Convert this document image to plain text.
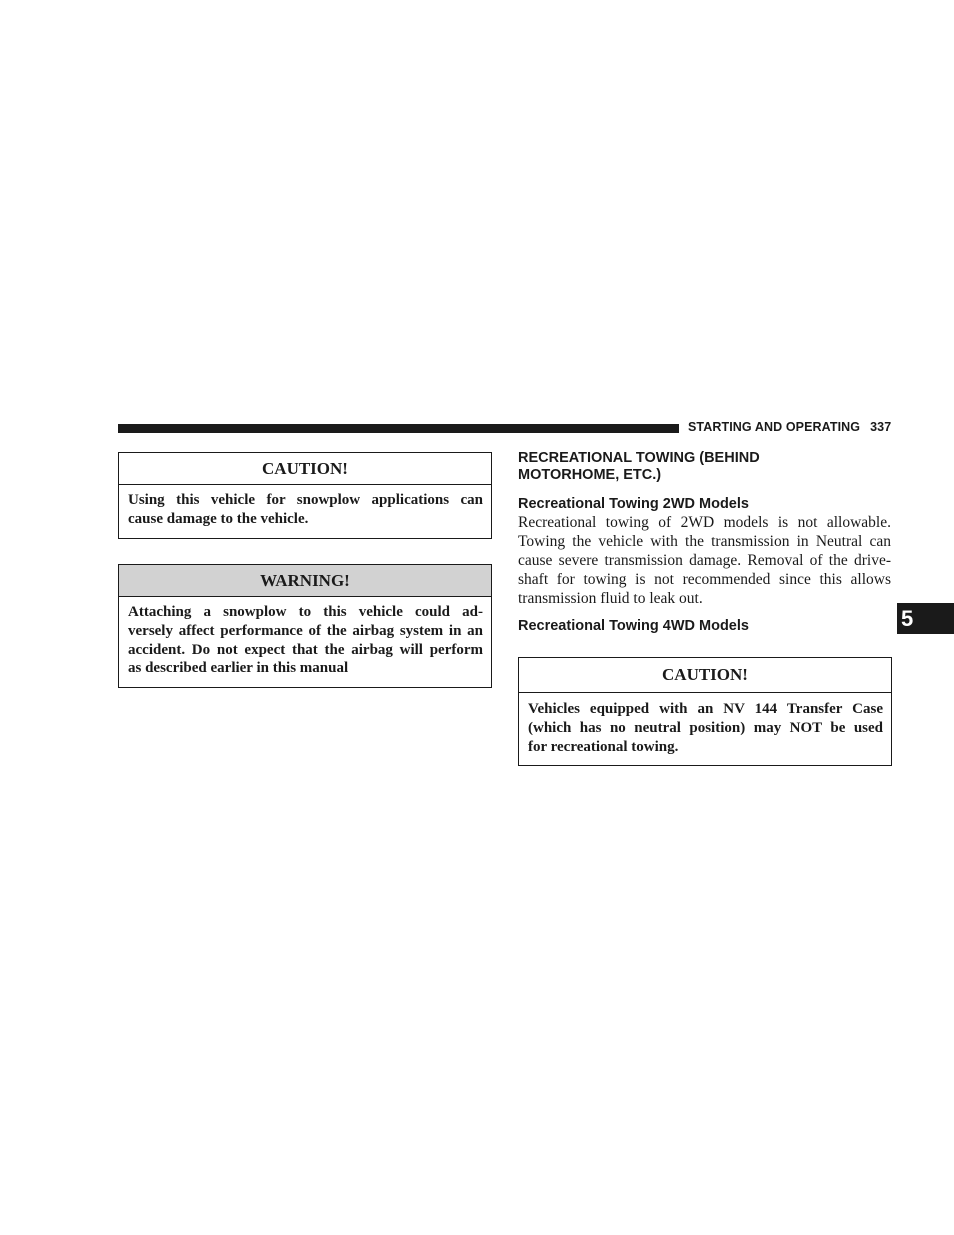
STARTING AND OPERATING 337
CAUTION!
Using this vehicle for snowplow applications can
cause damage to the vehicle.
WARNING!
Attaching a snowplow to this vehicle could ad-
versely affect performance of the airbag system in an
accident. Do not expect that the airbag will perform
as described earlier in this manual
RECREATIONAL TOWING (BEHIND
MOTORHOME, ETC.)
Recreational Towing 2WD Models
Recreational towing of 2WD models is not allowable.
Towing the vehicle with the transmission in Neutral can
cause severe transmission damage. Removal of the drive-
shaft for towing is not recommended since this allows
transmission fluid to leak out.
Recreational Towing 4WD Models
CAUTION!
Vehicles equipped with an NV 144 Transfer Case
(which has no neutral position) may NOT be used
for recreational towing.
5
